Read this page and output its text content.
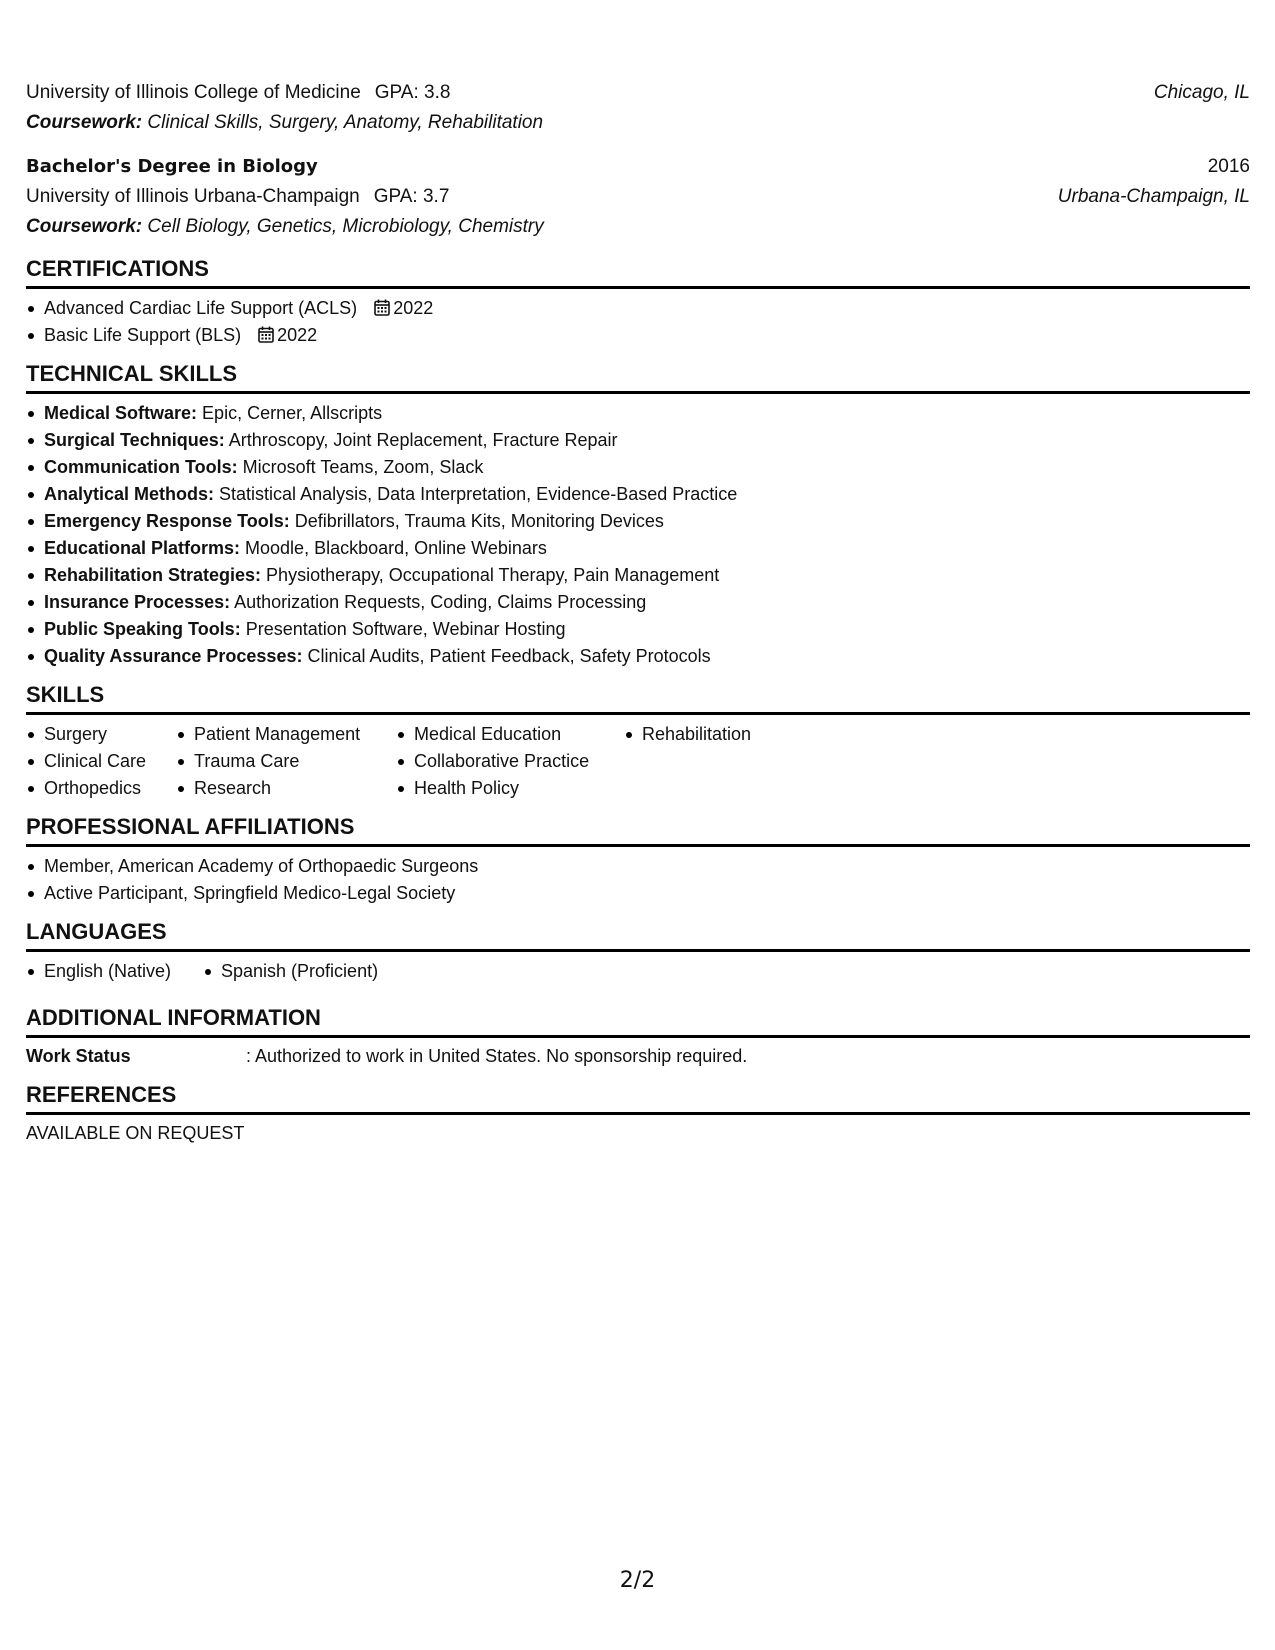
University of Illinois College of Medicine GPA: 3.8	Chicago, IL
Coursework: Clinical Skills, Surgery, Anatomy, Rehabilitation
Bachelor's Degree in Biology	2016
University of Illinois Urbana-Champaign GPA: 3.7	Urbana-Champaign, IL
Coursework: Cell Biology, Genetics, Microbiology, Chemistry
CERTIFICATIONS
Advanced Cardiac Life Support (ACLS) 2022
Basic Life Support (BLS) 2022
TECHNICAL SKILLS
Medical Software: Epic, Cerner, Allscripts
Surgical Techniques: Arthroscopy, Joint Replacement, Fracture Repair
Communication Tools: Microsoft Teams, Zoom, Slack
Analytical Methods: Statistical Analysis, Data Interpretation, Evidence-Based Practice
Emergency Response Tools: Defibrillators, Trauma Kits, Monitoring Devices
Educational Platforms: Moodle, Blackboard, Online Webinars
Rehabilitation Strategies: Physiotherapy, Occupational Therapy, Pain Management
Insurance Processes: Authorization Requests, Coding, Claims Processing
Public Speaking Tools: Presentation Software, Webinar Hosting
Quality Assurance Processes: Clinical Audits, Patient Feedback, Safety Protocols
SKILLS
Surgery
Clinical Care
Orthopedics
Patient Management
Trauma Care
Research
Medical Education
Collaborative Practice
Health Policy
Rehabilitation
PROFESSIONAL AFFILIATIONS
Member, American Academy of Orthopaedic Surgeons
Active Participant, Springfield Medico-Legal Society
LANGUAGES
English (Native)	Spanish (Proficient)
ADDITIONAL INFORMATION
Work Status	: Authorized to work in United States. No sponsorship required.
REFERENCES
AVAILABLE ON REQUEST
2/2
